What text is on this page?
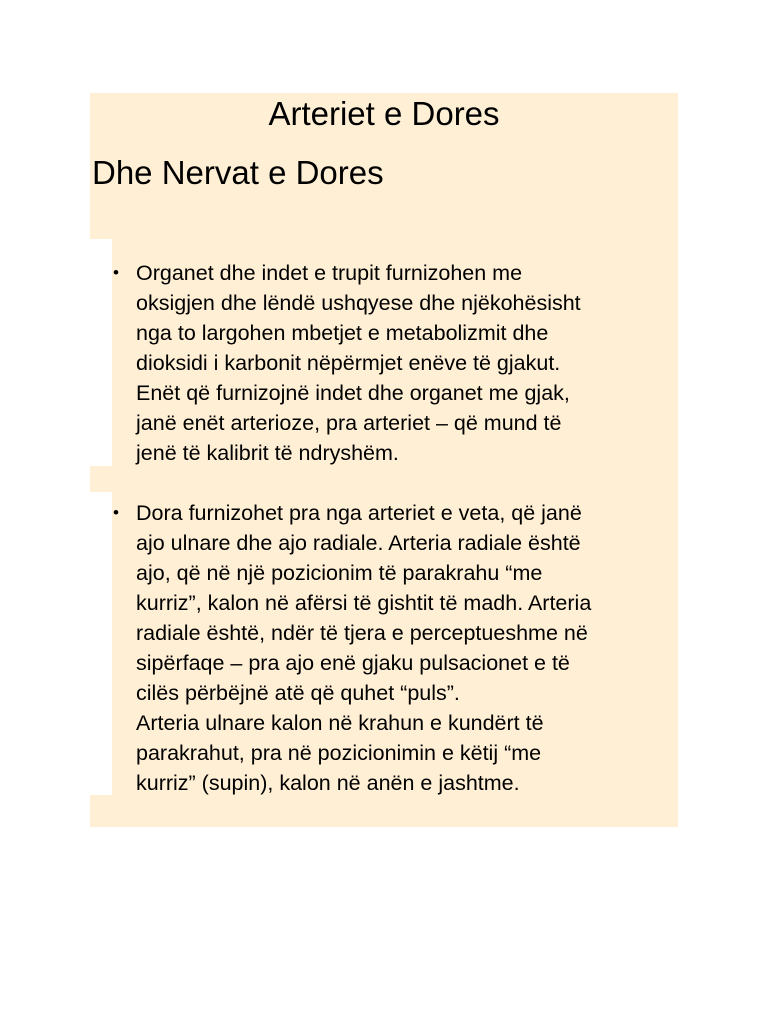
Arteriet e Dores
Dhe Nervat e Dores
• Organet dhe indet e trupit furnizohen me
oksigjen dhe lëndë ushqyese dhe njëkohësisht
nga to largohen mbetjet e metabolizmit dhe
dioksidi i karbonit nëpërmjet enëve të gjakut.
Enët që furnizojnë indet dhe organet me gjak,
janë enët arterioze, pra arteriet – që mund të
jenë të kalibrit të ndryshëm.
• Dora furnizohet pra nga arteriet e veta, që janë
ajo ulnare dhe ajo radiale. Arteria radiale është
ajo, që në një pozicionim të parakrahu “me
kurriz”, kalon në afërsi të gishtit të madh. Arteria
radiale është, ndër të tjera e perceptueshme në
sipërfaqe – pra ajo enë gjaku pulsacionet e të
cilës përbëjnë atë që quhet “puls”.
Arteria ulnare kalon në krahun e kundërt të
parakrahut, pra në pozicionimin e këtij “me
kurriz” (supin), kalon në anën e jashtme.
